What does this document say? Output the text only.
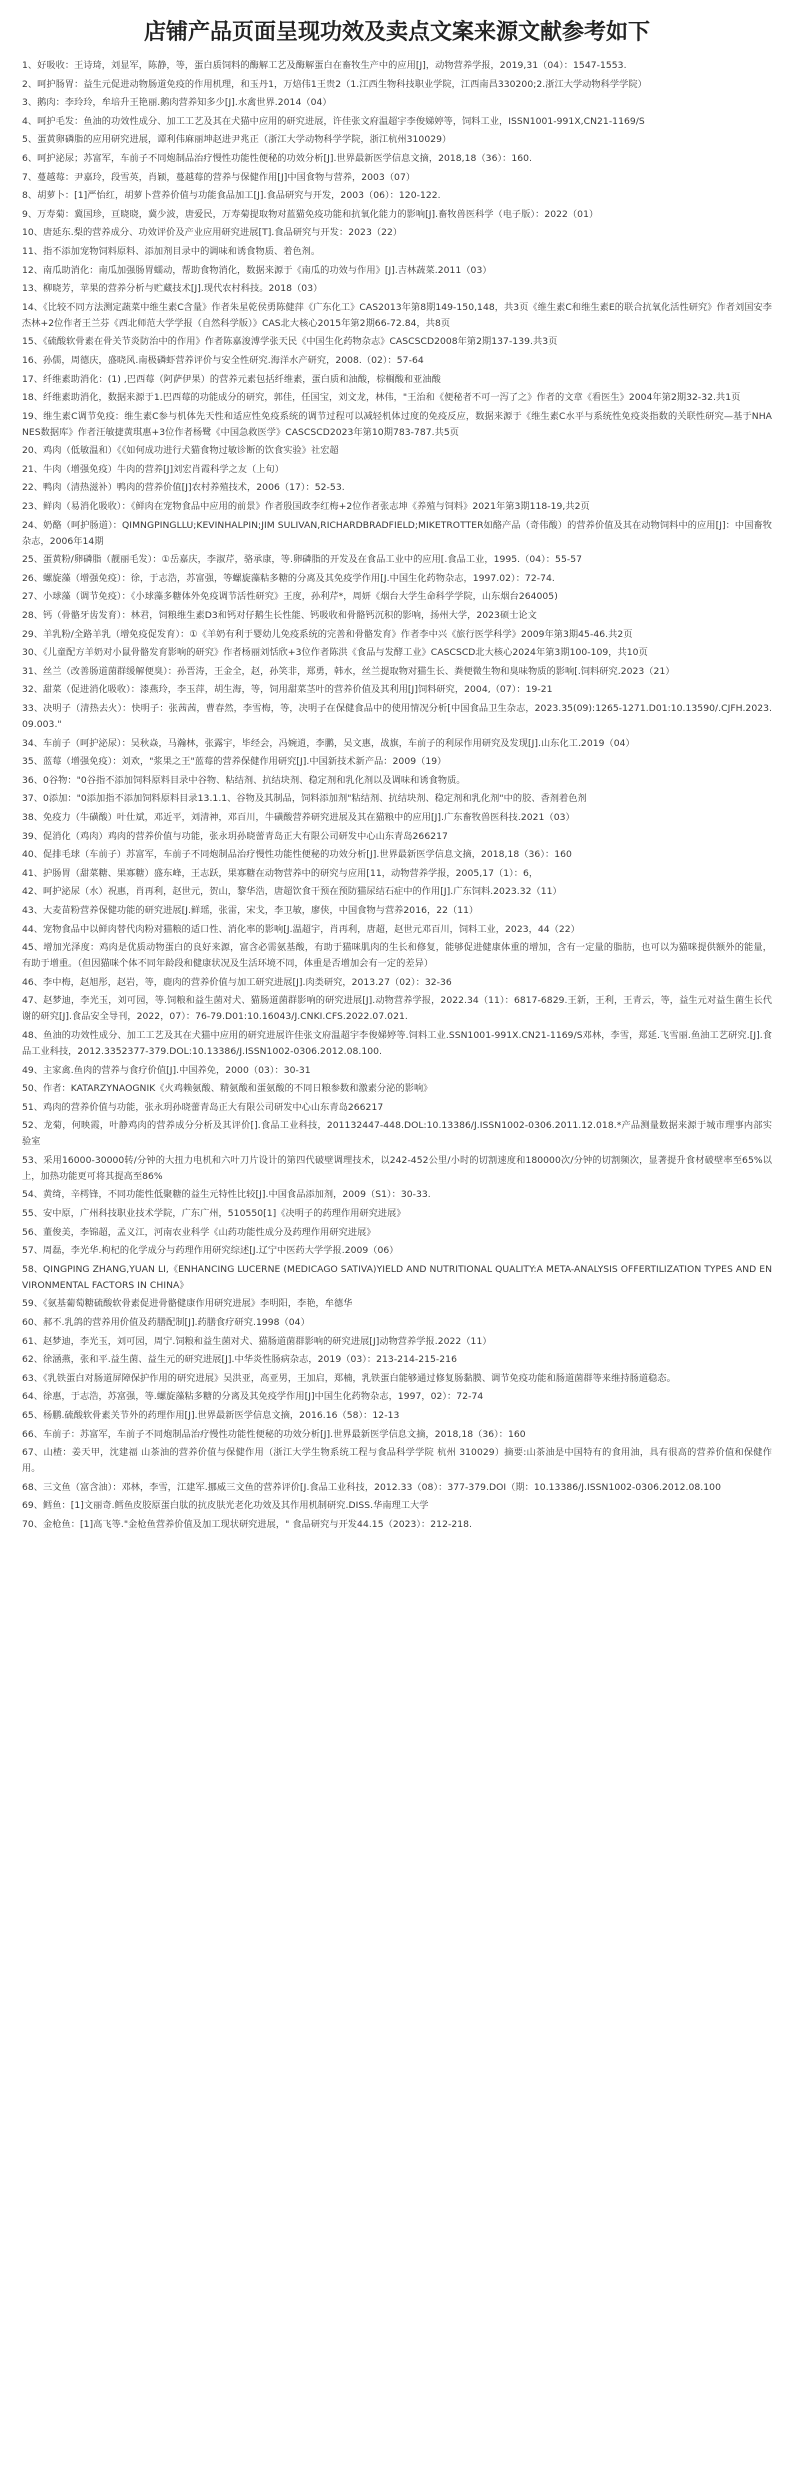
店铺产品页面呈现功效及卖点文案来源文献参考如下

1、好吸收：王诗琦，刘显军，陈静，等，蛋白质饲料的酶解工艺及酶解蛋白在畜牧生产中的应用[J]，动物营养学报，2019,31（04）：1547-1553.

2、呵护肠胃：益生元促进动物肠道免疫的作用机理，和玉丹1，万焙伟1王贵2（1.江西生物科技职业学院，江西南昌330200;2.浙江大学动物科学学院）

3、鹅肉：李玲玲，牟培升王艳丽.鹅肉营养知多少[J].水禽世界.2014（04）

4、呵护毛发：鱼油的功效性成分、加工工艺及其在犬猫中应用的研究进展，许佳张文府温超宇李俊娣婷等，饲料工业，ISSN1001-991X,CN21-1169/S

5、蛋黄卵磷脂的应用研究进展，谭利伟麻丽坤赵进尹兆正（浙江大学动物科学学院，浙江杭州310029）

6、呵护泌尿；苏富军，车前子不同炮制品治疗慢性功能性便秘的功效分析[J].世界最新医学信息文摘，2018,18（36）：160.

7、蔓越莓：尹嘉玲，段雪英，肖颖，蔓越莓的营养与保健作用[J]中国食物与营养，2003（07）

8、胡萝卜：[1]严怡红，胡萝卜营养价值与功能食品加工[J].食品研究与开发，2003（06）：120-122.

9、万寿菊：冀国珍，亘晓晓，冀少波，唐爱民，万寿菊提取物对蓝猫免疫功能和抗氧化能力的影响[J].畜牧兽医科学（电子版）：2022（01）

10、唐延东.梨的营养成分、功效评价及产业应用研究进展[T].食品研究与开发：2023（22）

11、指不添加宠物饲料原料、添加剂目录中的调味和诱食物质、着色剂。

12、南瓜助消化：南瓜加强肠胃蠕动，帮助食物消化，数据来源于《南瓜的功效与作用》[J].吉林蔬菜.2011（03）

13、柳晓芳，苹果的营养分析与贮藏技术[J].现代农村科技。2018（03）

14、《比较不同方法测定蔬菜中维生素C含量》作者朱星乾侯勇陈健萍《广东化工》CAS2013年第8期149-150,148，共3页《维生素C和维生素E的联合抗氧化活性研究》作者刘国安李杰林+2位作者王兰芬《西北师范大学学报（自然科学版）》CAS北大核心2015年第2期66-72.84，共8页

15、《硫酸软骨素在骨关节炎防治中的作用》作者陈嘉浚溥学张天民《中国生化药物杂志》CASCSCD2008年第2期137-139.共3页

16、孙儒，周德庆，盛晓风.南极磷虾营养评价与安全性研究.海洋水产研究，2008.（02）：57-64

17、纤维素助消化：(1) ,巴西莓（阿萨伊果）的营养元素包括纤维素，蛋白质和油酸，棕榈酸和亚油酸

18、纤维素助消化，数据来源于1.巴西莓的功能成分的研究，郭佳，任国宝，刘文龙，林伟，"王治和《便秘者不可一泻了之》作者的文章《看医生》2004年第2期32-32.共1页

19、维生素C调节免疫：维生素C参与机体先天性和适应性免疫系统的调节过程可以减轻机体过度的免疫反应，数据来源于《维生素C水平与系统性免疫炎指数的关联性研究—基于NHANES数据库》作者汪敏捷黄琪惠+3位作者杨鹭《中国急救医学》CASCSCD2023年第10期783-787.共5页

20、鸡肉（低敏温和）《《如何成功进行犬猫食物过敏诊断的饮食实验》社宏超

21、牛肉（增强免疫）牛肉的营养[J]刘宏肖霞科学之友（上旬）

22、鸭肉（清热滋补）鸭肉的营养价值[J]农村养殖技术，2006（17）：52-53.

23、鲜肉（易消化吸收）：《鲜肉在宠物食品中应用的前景》作者殷国政李红梅+2位作者张志坤《养殖与饲料》2021年第3期118-19,共2页

24、奶酪（呵护肠道）：QIMNGPINGLLU;KEVINHALPIN;JIM SULIVAN,RICHARDBRADFIELD;MIKETROTTER如酪产品（奇伟酸）的营养价值及其在动物饲料中的应用[J]：中国畜牧杂志，2006年14期

25、蛋黄粉/卵磷脂（靓丽毛发）：①岳嘉庆，李淑芹，骆承康，等.卵磷脂的开发及在食品工业中的应用[.食品工业，1995.（04）：55-57

26、螺旋藻（增强免疫）：徐，于志浩，苏富强，等螺旋藻粘多糖的分离及其免疫学作用[J.中国生化药物杂志，1997.02）：72-74.

27、小球藻（调节免疫）：《小球藻多糖体外免疫调节活性研究》王度，孙利芹*，周妍《烟台大学生命科学学院，山东烟台264005)

28、钙（骨骼牙齿发育）：林君，饲粮维生素D3和钙对仔鹅生长性能、钙吸收和骨骼钙沉积的影响，扬州大学，2023硕士论文

29、羊乳粉/全路羊乳（增免疫促发育）：①《羊奶有利于婴幼儿免疫系统的完善和骨骼发育》作者李中兴《旅行医学科学》2009年第3期45-46.共2页

30、《儿童配方羊奶对小鼠骨骼发育影响的研究》作者杨丽刘恬欣+3位作者陈洪《食品与发酵工业》CASCSCD北大核心2024年第3期100-109，共10页

31、丝兰（改善肠道菌群缓解便臭）：孙晋涛，王金全，赵，孙笑非，郑勇，韩水，丝兰提取物对猫生长、粪便微生物和臭味物质的影响[.饲料研究.2023（21）

32、甜菜（促进消化吸收）：漆燕玲，李玉萍，胡生海，等，饲用甜菜茎叶的营养价值及其利用[J]饲料研究，2004,（07）：19-21

33、决明子（清热去火）：快明子：张茜茜，曹春然，李雪梅，等，决明子在保健食品中的使用情况分析[中国食品卫生杂志，2023.35(09):1265-1271.D01:10.13590/.CJFH.2023.09.003."

34、车前子（呵护泌尿）：吴秋焱，马瀚林，张露宇，毕经会，冯婉逍，李鹏，吴文惠，战旗，车前子的利尿作用研究及发现[J].山东化工.2019（04）

35、蓝莓（增强免疫）：刘欢，"浆果之王"蓝莓的营养保健作用研究[J].中国新技术新产品：2009（19）

36、0谷物："0谷指不添加饲料原料目录中谷物、粘结剂、抗结块剂、稳定剂和乳化剂以及调味和诱食物质。

37、0添加："0添加指不添加饲料原料目录13.1.1、谷物及其制品，饲料添加剂"粘结剂、抗结块剂、稳定剂和乳化剂"中的胶、香剂着色剂

38、免疫力（牛磺酸）叶仕斌，邓近平，刘清神，邓百川，牛磺酸营养研究进展及其在猫粮中的应用[J].广东畜牧兽医科技.2021（03）

39、促消化（鸡肉）鸡肉的营养价值与功能，张永玥孙晓蕾青岛正大有限公司研发中心山东青岛266217

40、促排毛球（车前子）苏富军，车前子不同炮制品治疗慢性功能性便秘的功效分析[J].世界最新医学信息文摘，2018,18（36）：160

41、护肠胃（甜菜糖、果寡糖）盛东峰，王志跃，果寡糖在动物营养中的研究与应用[11，动物营养学报，2005,17（1）：6，

42、呵护泌尿（水）祝惠，肖再利，赵世元，贺山，黎华浩，唐超饮食干预在预防猫尿结石症中的作用[J].广东饲料.2023.32（11）

43、大麦苗粉营养保健功能的研究进展[J.鲜瑶，张雷，宋戈，李卫敏，廖侠，中国食物与营养2016，22（11）

44、宠物食品中以鲜肉替代肉粉对猫粮的适口性、消化率的影响[J.温超宇，肖再利，唐超，赵世元邓百川，饲料工业，2023，44（22）

45、增加光泽度：鸡肉是优质动物蛋白的良好来源，富含必需氨基酸，有助于猫咪肌肉的生长和修复，能够促进健康体重的增加，含有一定量的脂肪，也可以为猫咪提供额外的能量，有助于增重。（但因猫咪个体不同年龄段和健康状况及生活环境不同，体重是否增加会有一定的差异）

46、李中梅，赵旭彤，赵岩，等，鹿肉的营养价值与加工研究进展[J].肉类研究，2013.27（02）：32-36

47、赵梦迪，李光玉，刘可园，等.饲粮和益生菌对犬、猫肠道菌群影响的研究进展[J].动物营养学报，2022.34（11）：6817-6829.王新，王利，王青云，等，益生元对益生菌生长代谢的研究[J].食品安全导刊，2022，07）：76-79.D01:10.16043/J.CNKI.CFS.2022.07.021.

48、鱼油的功效性成分、加工工艺及其在犬猫中应用的研究进展许佳张文府温超宇李俊娣婷等.饲料工业.SSN1001-991X.CN21-1169/S邓林，李雪，郑延.飞雪丽.鱼油工艺研究.[J].食品工业科技，2012.3352377-379.DOL:10.13386/J.ISSN1002-0306.2012.08.100.

49、主家禽.鱼肉的营养与食疗价值[J].中国养免，2000（03）：30-31

50、作者：KATARZYNAOGNIK《火鸡赖氨酸、精氨酸和蛋氨酸的不同日粮参数和激素分泌的影响》

51、鸡肉的营养价值与功能，张永玥孙晓蕾青岛正大有限公司研发中心山东青岛266217

52、龙菊，何映霞，叶静鸡肉的营养成分分析及其评价[].食品工业科技，201132447-448.DOL:10.13386/J.ISSN1002-0306.2011.12.018.*产品测量数据来源于城市理事内部实验室

53、采用16000-30000转/分钟的大扭力电机和六叶刀片设计的第四代破壁调理技术，以242-452公里/小时的切割速度和180000次/分钟的切割频次，显著提升食材破壁率至65%以上，加热功能更可将其提高至86%

54、黄绮，辛樗锋，不同功能性低聚糖的益生元特性比较[J].中国食品添加剂，2009（S1）：30-33.

55、安中原，广州科技职业技术学院，广东广州，510550[1]《决明子的药理作用研究进展》

56、董俊美，李锦超，孟义江，河南农业科学《山药功能性成分及药理作用研究进展》

57、周磊，李光华.枸杞的化学成分与药理作用研究综述[J.辽宁中医药大学学报.2009（06）

58、QINGPING ZHANG,YUAN LI,《ENHANCING LUCERNE (MEDICAGO SATIVA)YIELD AND NUTRITIONAL QUALITY:A META-ANALYSIS OFFERTILIZATION TYPES AND ENVIRONMENTAL FACTORS IN CHINA》

59、《氨基葡萄糖硫酸软骨素促进骨骼健康作用研究进展》李明阳，李艳，牟德华

60、郝不.乳鸽的营养用价值及药膳配制[J].药膳食疗研究.1998（04）

61、赵梦迪，李光玉，刘可园，周宁.饲粮和益生菌对犬、猫肠道菌群影响的研究进展[J]动物营养学报.2022（11）

62、徐涵燕，张和平.益生菌、益生元的研究进展[J].中华炎性肠病杂志，2019（03）：213-214-215-216

63、《乳铁蛋白对肠道屏障保护作用的研究进展》吴洪亚，高亚男，王加启，郑楠，乳铁蛋白能够通过修复肠黏膜、调节免疫功能和肠道菌群等来维持肠道稳态。

64、徐惠，于志浩，苏富强，等.螺旋藻粘多糖的分离及其免疫学作用[J]中国生化药物杂志，1997，02）：72-74

65、杨鹏.硫酸软骨素关节外的药理作用[J].世界最新医学信息文摘，2016.16（58）：12-13

66、车前子：苏富军，车前子不同炮制品治疗慢性功能性便秘的功效分析[J].世界最新医学信息文摘，2018,18（36）：160

67、山楂：姜天甲，沈建福 山茶油的营养价值与保健作用（浙江大学生物系统工程与食品科学学院 杭州 310029）摘要:山茶油是中国特有的食用油，具有很高的营养价值和保健作用。

68、三文鱼（富含油）：邓林，李雪，江建军.挪威三文鱼的营养评价[J.食品工业科技，2012.33（08）：377-379.DOI（期：10.13386/J.ISSN1002-0306.2012.08.100

69、鳕鱼：[1]文丽奇.鳕鱼皮胶原蛋白肽的抗皮肤光老化功效及其作用机制研究.DISS.华南理工大学

70、金枪鱼：[1]高飞等."金枪鱼营养价值及加工现状研究进展，" 食品研究与开发44.15（2023）：212-218.
